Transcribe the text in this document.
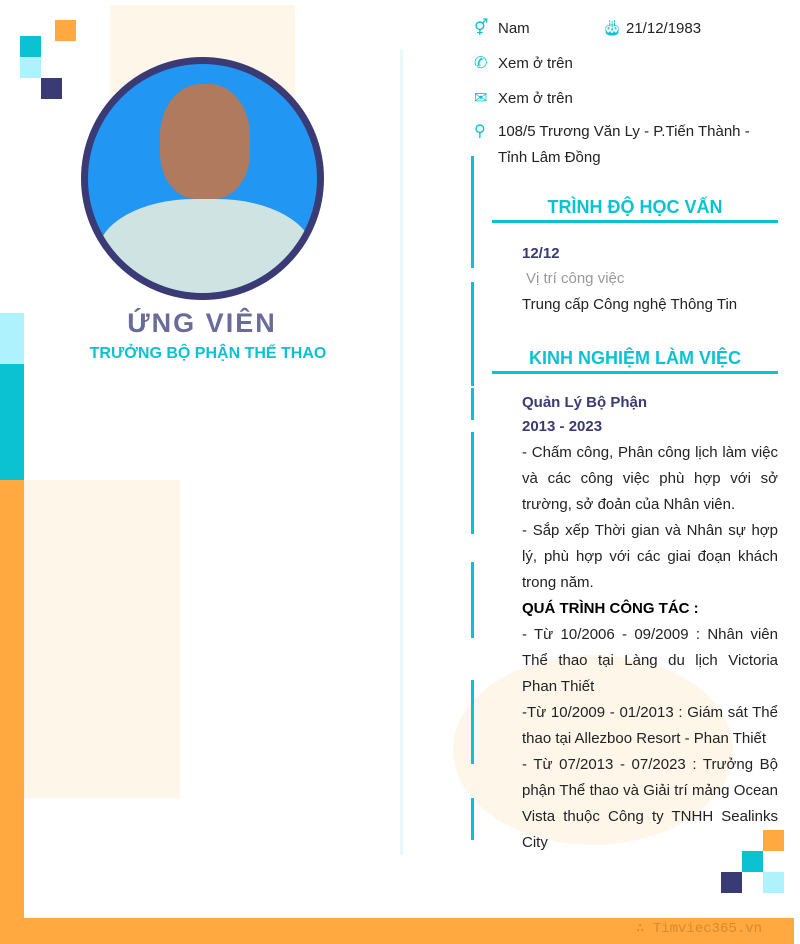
∴ Timviec365.vn
ỨNG VIÊN
TRƯỞNG BỘ PHẬN THỂ THAO
⚥ Nam	🎂︎ 21/12/1983
✆ Xem ở trên
✉ Xem ở trên
⚲ 108/5 Trương Văn Ly - P.Tiến Thành - Tỉnh Lâm Đồng
TRÌNH ĐỘ HỌC VẤN
12/12
Vị trí công việc
Trung cấp Công nghệ Thông Tin
KINH NGHIỆM LÀM VIỆC
Quản Lý Bộ Phận
2013 - 2023
- Chấm công, Phân công lịch làm việc và các công việc phù hợp với sở trường, sở đoản của Nhân viên.
- Sắp xếp Thời gian và Nhân sự hợp lý, phù hợp với các giai đoạn khách trong năm.
QUÁ TRÌNH CÔNG TÁC :
- Từ 10/2006 - 09/2009 : Nhân viên Thể thao tại Làng du lịch Victoria Phan Thiết
-Từ 10/2009 - 01/2013 : Giám sát Thể thao tại Allezboo Resort - Phan Thiết
- Từ 07/2013 - 07/2023 : Trưởng Bộ phận Thể thao và Giải trí mảng Ocean Vista thuộc Công ty TNHH Sealinks City
